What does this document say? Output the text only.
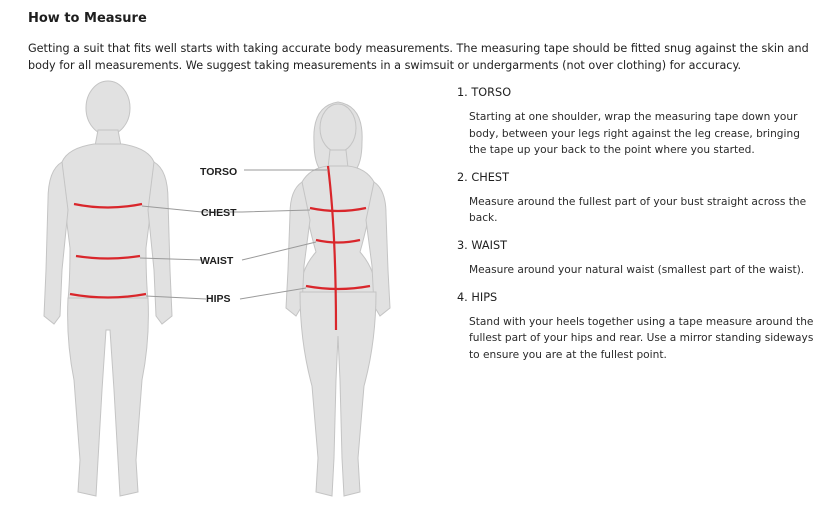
How to Measure
Getting a suit that fits well starts with taking accurate body measurements. The measuring tape should be fitted snug against the skin and body for all measurements. We suggest taking measurements in a swimsuit or undergarments (not over clothing) for accuracy.
TORSO
CHEST
WAIST
HIPS

1. TORSO

Starting at one shoulder, wrap the measuring tape down your body, between your legs right against the leg crease, bringing the tape up your back to the point where you started.

2. CHEST

Measure around the fullest part of your bust straight across the back.

3. WAIST

Measure around your natural waist (smallest part of the waist).

4. HIPS

Stand with your heels together using a tape measure around the fullest part of your hips and rear. Use a mirror standing sideways to ensure you are at the fullest point.
